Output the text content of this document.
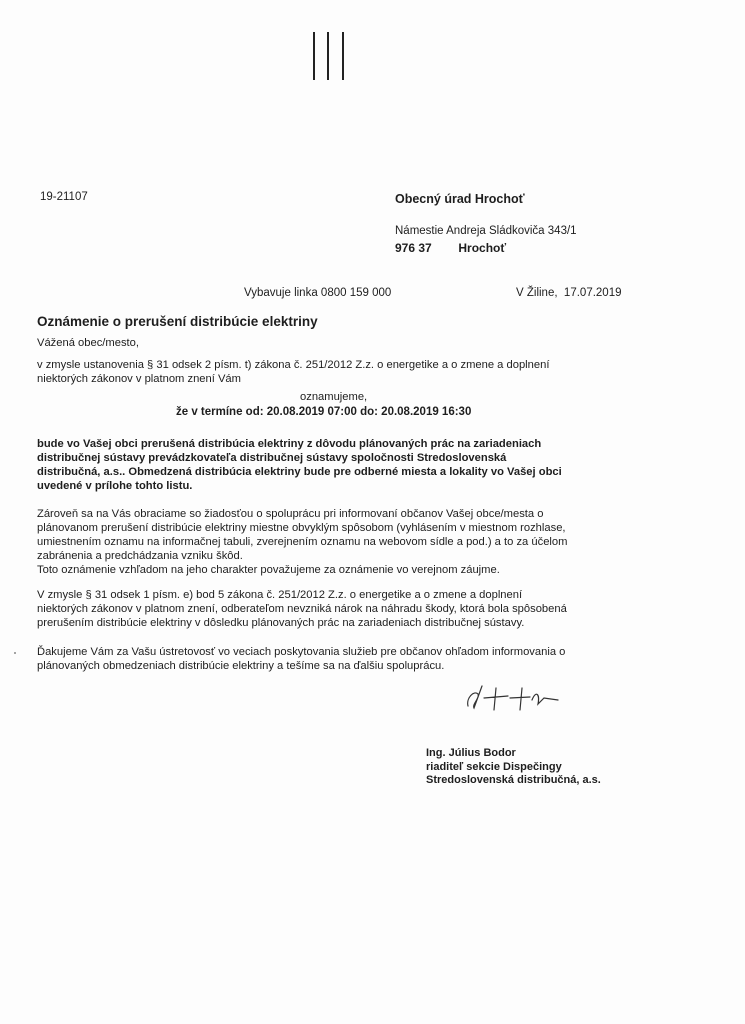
19-21107	Obecný úrad Hrochoť
Námestie Andreja Sládkoviča 343/1
976 37 Hrochoť
Vybavuje linka 0800 159 000	V Žiline,  17.07.2019
Oznámenie o prerušení distribúcie elektriny
Vážená obec/mesto,
v zmysle ustanovenia § 31 odsek 2 písm. t) zákona č. 251/2012 Z.z. o energetike a o zmene a doplnení
niektorých zákonov v platnom znení Vám
oznamujeme,
že v termíne od: 20.08.2019 07:00 do: 20.08.2019 16:30
bude vo Vašej obci prerušená distribúcia elektriny z dôvodu plánovaných prác na zariadeniach
distribučnej sústavy prevádzkovateľa distribučnej sústavy spoločnosti Stredoslovenská
distribučná, a.s.. Obmedzená distribúcia elektriny bude pre odberné miesta a lokality vo Vašej obci
uvedené v prílohe tohto listu.
Zároveň sa na Vás obraciame so žiadosťou o spoluprácu pri informovaní občanov Vašej obce/mesta o
plánovanom prerušení distribúcie elektriny miestne obvyklým spôsobom (vyhlásením v miestnom rozhlase,
umiestnením oznamu na informačnej tabuli, zverejnením oznamu na webovom sídle a pod.) a to za účelom
zabránenia a predchádzania vzniku škôd.
Toto oznámenie vzhľadom na jeho charakter považujeme za oznámenie vo verejnom záujme.
V zmysle § 31 odsek 1 písm. e) bod 5 zákona č. 251/2012 Z.z. o energetike a o zmene a doplnení
niektorých zákonov v platnom znení, odberateľom nevzniká nárok na náhradu škody, ktorá bola spôsobená
prerušením distribúcie elektriny v dôsledku plánovaných prác na zariadeniach distribučnej sústavy.
Ďakujeme Vám za Vašu ústretovosť vo veciach poskytovania služieb pre občanov ohľadom informovania o
plánovaných obmedzeniach distribúcie elektriny a tešíme sa na ďalšiu spoluprácu.
Ing. Július Bodor
riaditeľ sekcie Dispečingy
Stredoslovenská distribučná, a.s.
